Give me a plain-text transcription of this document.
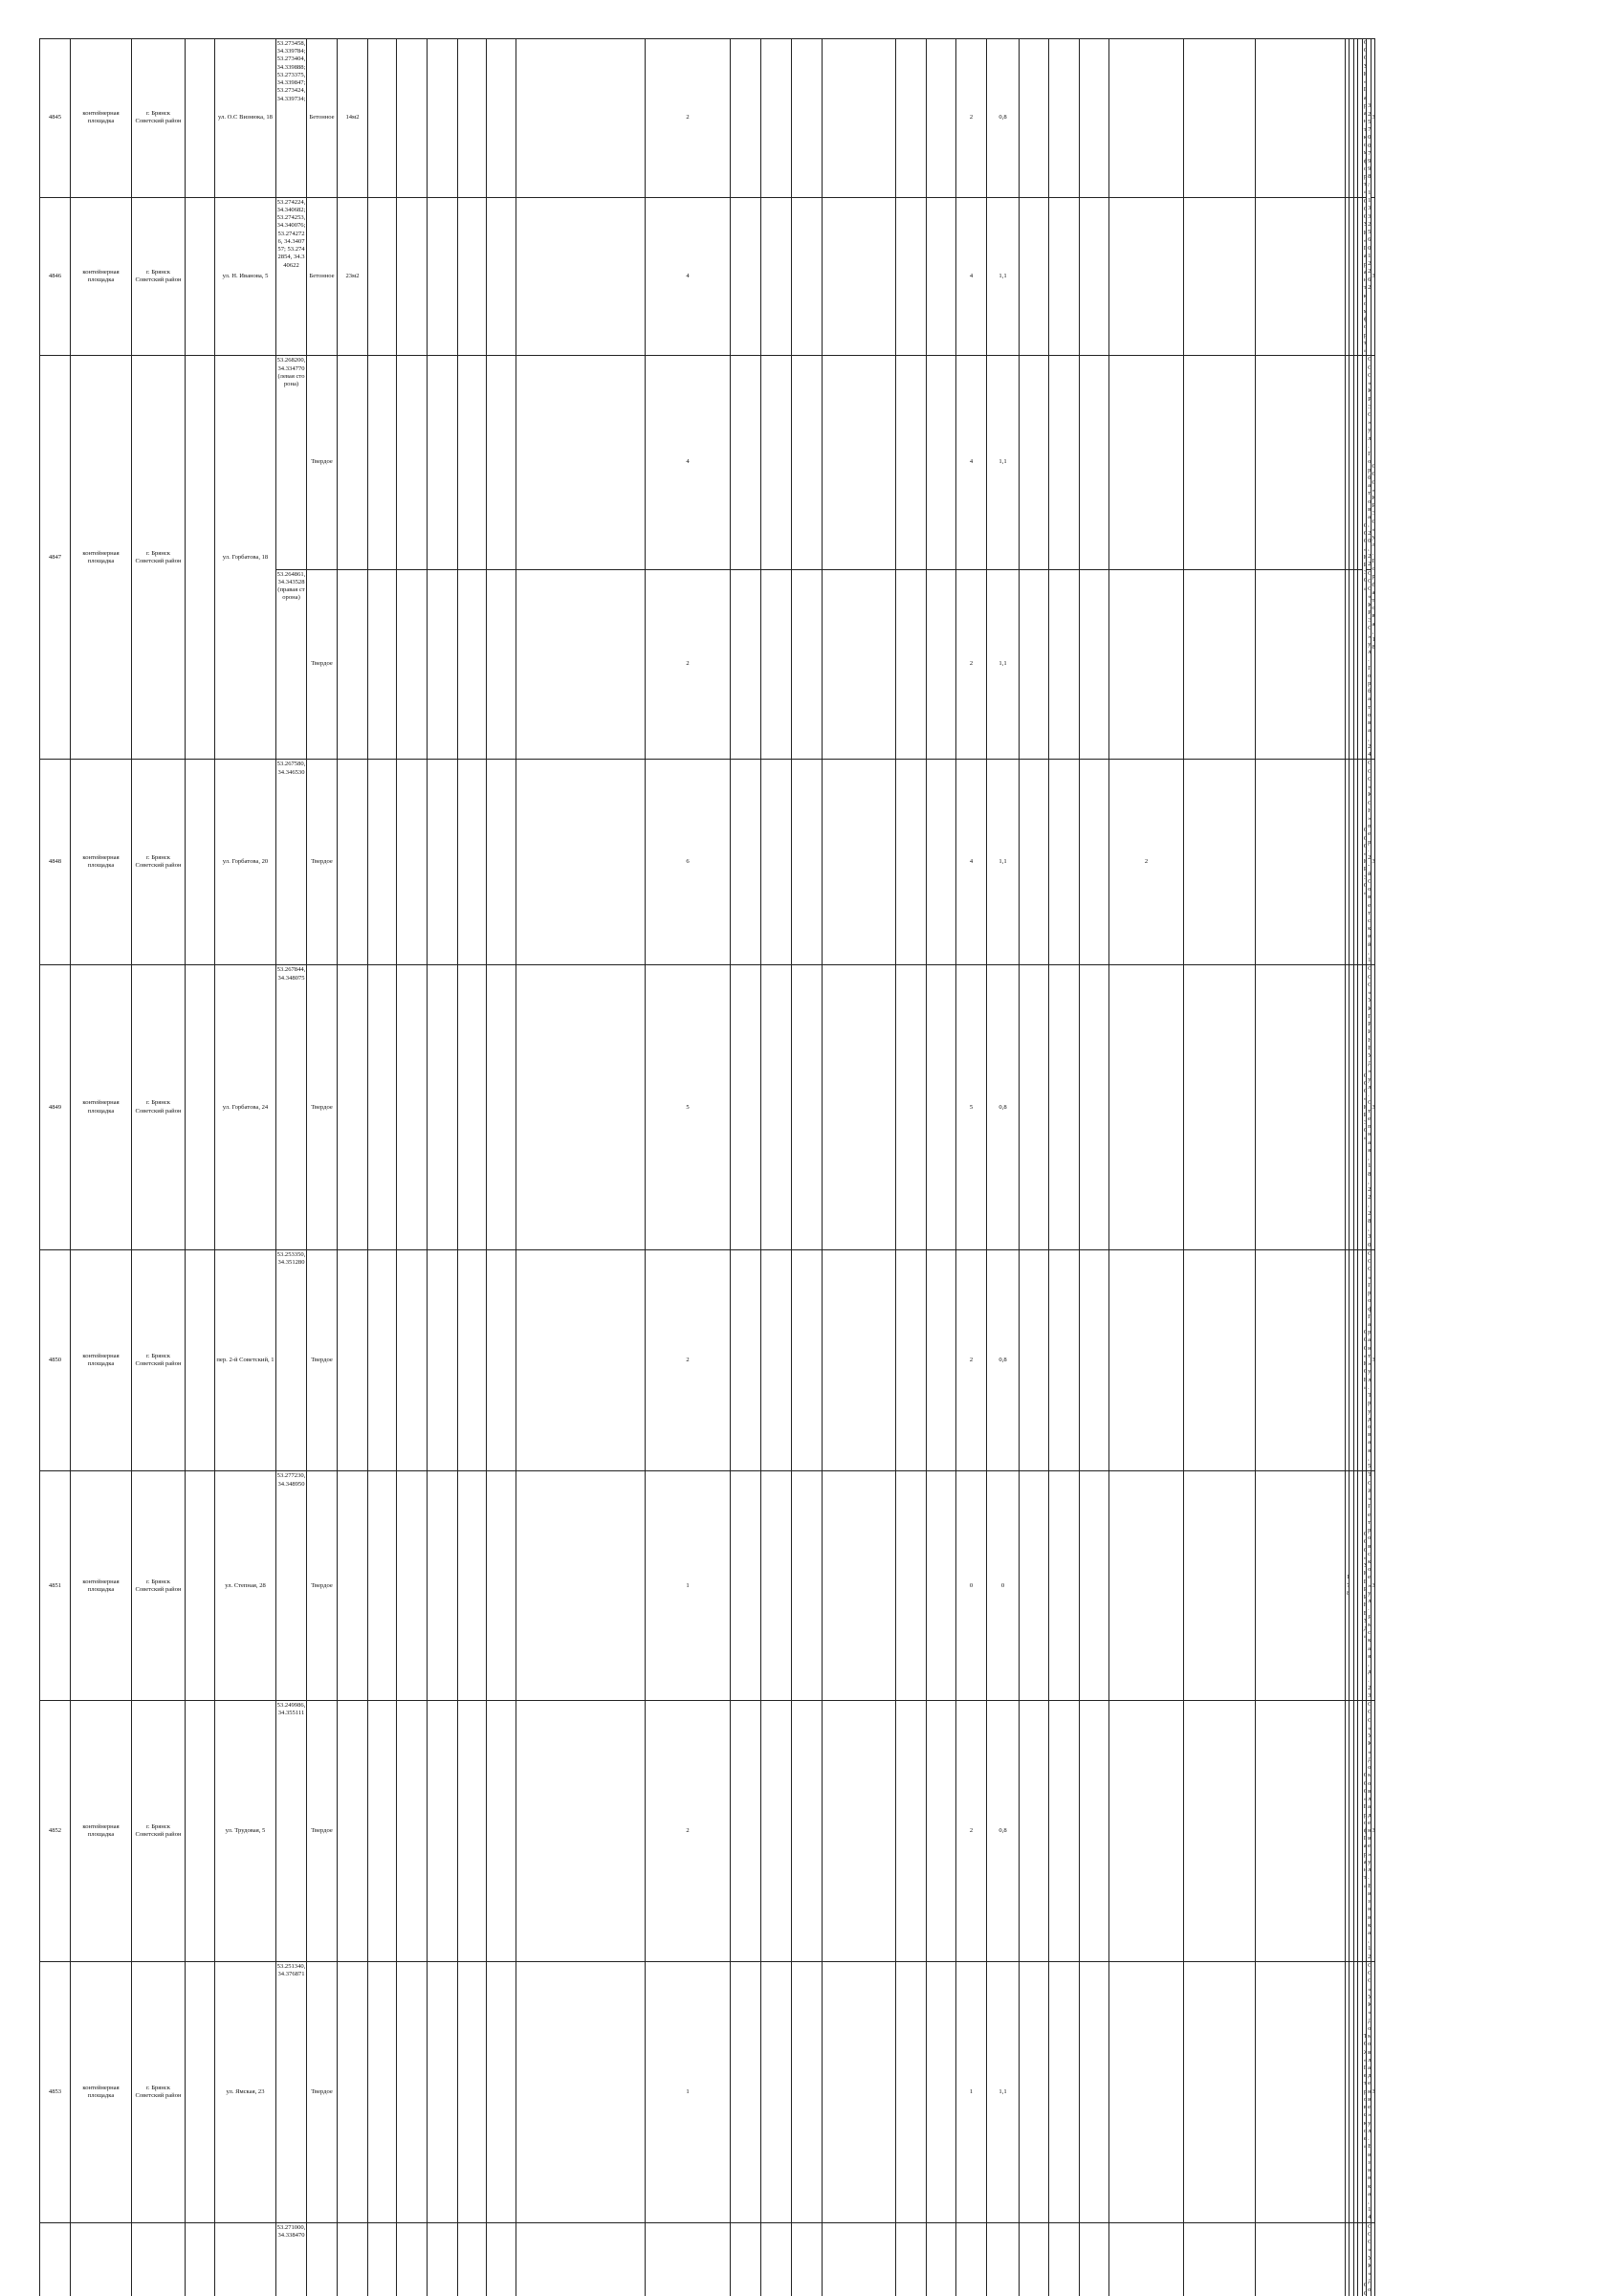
4845	контейнерная площадка	г. Брянск Советский район		ул. О.С Визнюка, 18	53.273458, 34.339784; 53.273404, 34.339888; 53.273375, 34.339847; 53.273424, 34.339734;	Бетонное	14м2							2							2	0,8											а а т к т	/	3
4846	контейнерная площадка	г. Брянск Советский район		ул. Н. Иванова, 5	53.274224, 34.340682; 53.274253, 34.340076; 53.2742726, 34.340757; 53.2742854, 34.340622	Бетонное	23м2							4							4	1,1											а а т к т		3
4847	контейнерная площадка	г. Брянск Советский район		ул. Горбатова, 18	53.268200, 34.334770 (левая сторона)	Твердое								4							4	1,1												. ат ва, ,	« » ул. ор атова, 18
					53.264861, 34.343528 (правая сторона)	Твердое								2							2	1,1												. ат ва,	
4848	контейнерная площадка	г. Брянск Советский район		ул. Горбатова, 20	53.267580, 34.346530	Твердое								6							4	1,1				2								е . - ветск ,	3
4849	контейнерная площадка	г. Брянск Советский район		ул. Горбатова, 24	53.267844, 34.348075	Твердое								5							5	0,8												. те ая, , , ,	3
4850	контейнерная площадка	г. Брянск Советский район		пер. 2-й Советский, 1	53.253350, 34.351280	Твердое								2							2	0,8												а а т . вая,	3
4851	контейнерная площадка	г. Брянск Советский район		ул. Степная, 28	53.277230, 34.348950	Твердое								1							0	0												ет вск е . ская, .	3
4852	контейнерная площадка	г. Брянск Советский район		ул. Трудовая, 5	53.249986, 34.355111	Твердое								2							2	0,8											а а т	в а е е . з ка,	3
4853	контейнерная площадка	г. Брянск Советский район		ул. Ямская, 23	53.251340, 34.376871	Твердое								1							1	1,1											ет вск е	в а е е . з ка,	3
					53.271000, 34.338470																														
